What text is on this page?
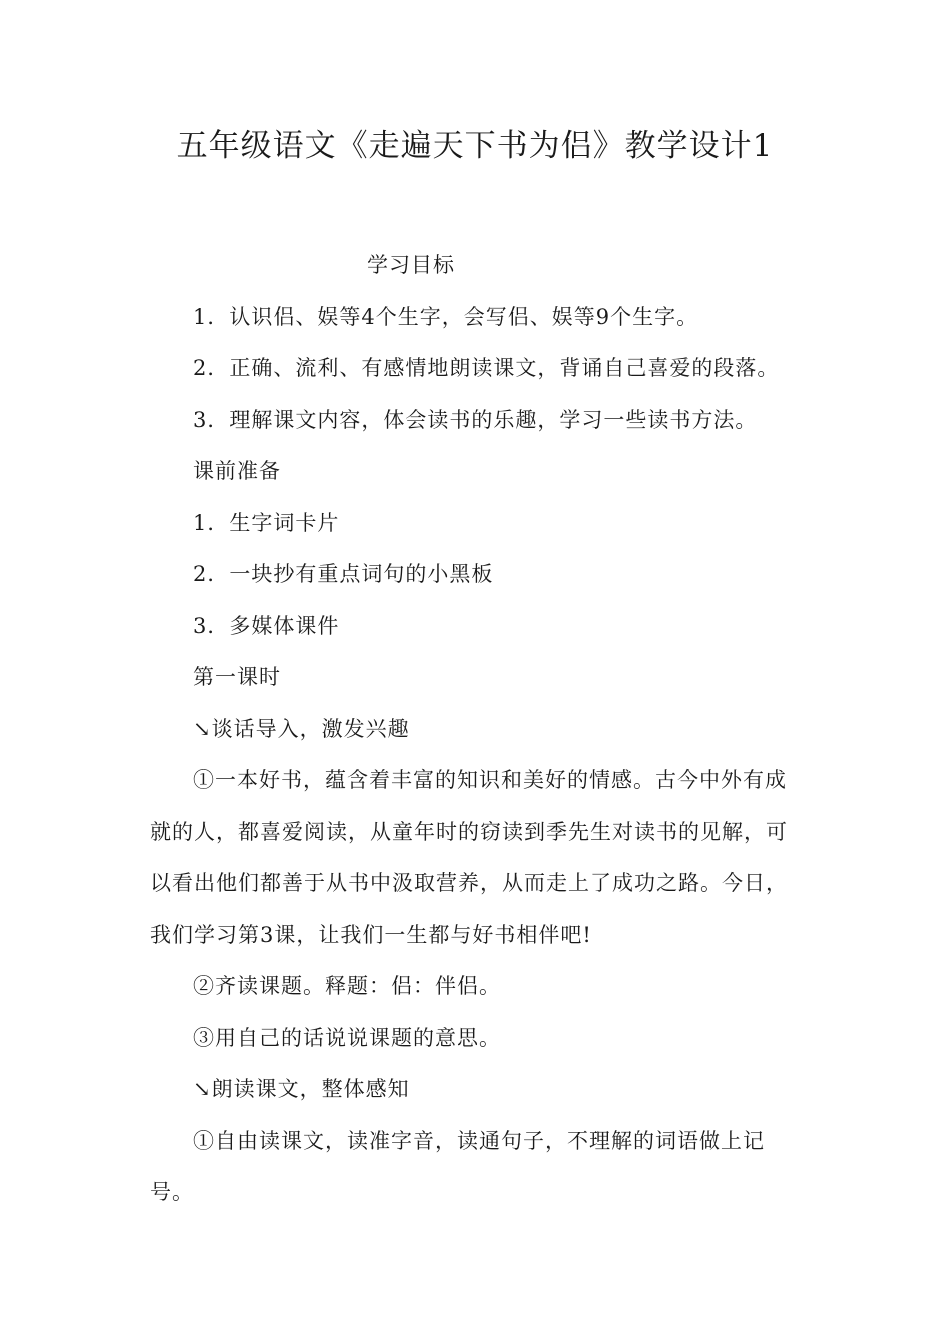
五年级语文《走遍天下书为侣》教学设计1
学习目标
1．认识侣、娱等4个生字，会写侣、娱等9个生字。
2．正确、流利、有感情地朗读课文，背诵自己喜爱的段落。
3．理解课文内容，体会读书的乐趣，学习一些读书方法。
课前准备
1．生字词卡片
2．一块抄有重点词句的小黑板
3．多媒体课件
第一课时
↘谈话导入，激发兴趣
①一本好书，蕴含着丰富的知识和美好的情感。古今中外有成
就的人，都喜爱阅读，从童年时的窃读到季先生对读书的见解，可
以看出他们都善于从书中汲取营养，从而走上了成功之路。今日，
我们学习第3课，让我们一生都与好书相伴吧!
②齐读课题。释题：侣：伴侣。
③用自己的话说说课题的意思。
↘朗读课文，整体感知
①自由读课文，读准字音，读通句子，不理解的词语做上记
号。
